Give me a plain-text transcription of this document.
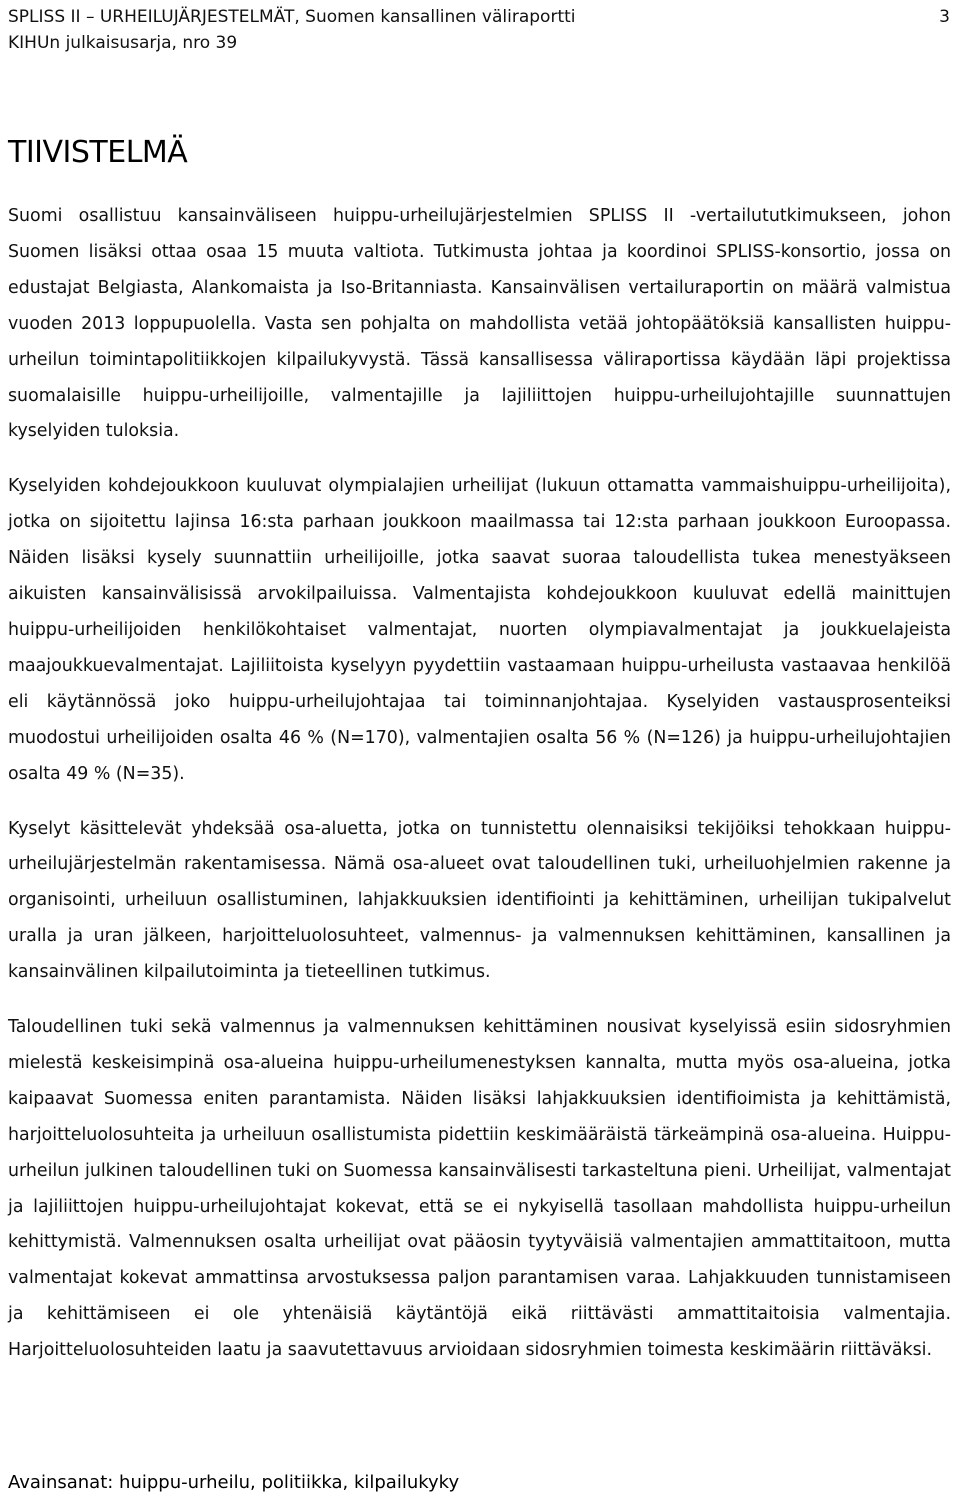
SPLISS II – URHEILUJÄRJESTELMÄT, Suomen kansallinen väliraportti
KIHUn julkaisusarja, nro 39
3
TIIVISTELMÄ

Suomi osallistuu kansainväliseen huippu-urheilujärjestelmien SPLISS II -vertailututkimukseen, johon Suomen lisäksi ottaa osaa 15 muuta valtiota. Tutkimusta johtaa ja koordinoi SPLISS-konsortio, jossa on edustajat Belgiasta, Alankomaista ja Iso-Britanniasta. Kansainvälisen vertailuraportin on määrä valmistua vuoden 2013 loppupuolella. Vasta sen pohjalta on mahdollista vetää johtopäätöksiä kansallisten huippu-urheilun toimintapolitiikkojen kilpailukyvystä. Tässä kansallisessa väliraportissa käydään läpi projektissa suomalaisille huippu-urheilijoille, valmentajille ja lajiliittojen huippu-urheilujohtajille suunnattujen kyselyiden tuloksia.

Kyselyiden kohdejoukkoon kuuluvat olympialajien urheilijat (lukuun ottamatta vammaishuippu-urheilijoita), jotka on sijoitettu lajinsa 16:sta parhaan joukkoon maailmassa tai 12:sta parhaan joukkoon Euroopassa. Näiden lisäksi kysely suunnattiin urheilijoille, jotka saavat suoraa taloudellista tukea menestyäkseen aikuisten kansainvälisissä arvokilpailuissa. Valmentajista kohdejoukkoon kuuluvat edellä mainittujen huippu-urheilijoiden henkilökohtaiset valmentajat, nuorten olympiavalmentajat ja joukkuelajeista maajoukkuevalmentajat. Lajiliitoista kyselyyn pyydettiin vastaamaan huippu-urheilusta vastaavaa henkilöä eli käytännössä joko huippu-urheilujohtajaa tai toiminnanjohtajaa. Kyselyiden vastausprosenteiksi muodostui urheilijoiden osalta 46 % (N=170), valmentajien osalta 56 % (N=126) ja huippu-urheilujohtajien osalta 49 % (N=35).

Kyselyt käsittelevät yhdeksää osa-aluetta, jotka on tunnistettu olennaisiksi tekijöiksi tehokkaan huippu-urheilujärjestelmän rakentamisessa. Nämä osa-alueet ovat taloudellinen tuki, urheiluohjelmien rakenne ja organisointi, urheiluun osallistuminen, lahjakkuuksien identifiointi ja kehittäminen, urheilijan tukipalvelut uralla ja uran jälkeen, harjoitteluolosuhteet, valmennus- ja valmennuksen kehittäminen, kansallinen ja kansainvälinen kilpailutoiminta ja tieteellinen tutkimus.

Taloudellinen tuki sekä valmennus ja valmennuksen kehittäminen nousivat kyselyissä esiin sidosryhmien mielestä keskeisimpinä osa-alueina huippu-urheilumenestyksen kannalta, mutta myös osa-alueina, jotka kaipaavat Suomessa eniten parantamista. Näiden lisäksi lahjakkuuksien identifioimista ja kehittämistä, harjoitteluolosuhteita ja urheiluun osallistumista pidettiin keskimääräistä tärkeämpinä osa-alueina. Huippu-urheilun julkinen taloudellinen tuki on Suomessa kansainvälisesti tarkasteltuna pieni. Urheilijat, valmentajat ja lajiliittojen huippu-urheilujohtajat kokevat, että se ei nykyisellä tasollaan mahdollista huippu-urheilun kehittymistä. Valmennuksen osalta urheilijat ovat pääosin tyytyväisiä valmentajien ammattitaitoon, mutta valmentajat kokevat ammattinsa arvostuksessa paljon parantamisen varaa. Lahjakkuuden tunnistamiseen ja kehittämiseen ei ole yhtenäisiä käytäntöjä eikä riittävästi ammattitaitoisia valmentajia. Harjoitteluolosuhteiden laatu ja saavutettavuus arvioidaan sidosryhmien toimesta keskimäärin riittäväksi.

Avainsanat: huippu-urheilu, politiikka, kilpailukyky
